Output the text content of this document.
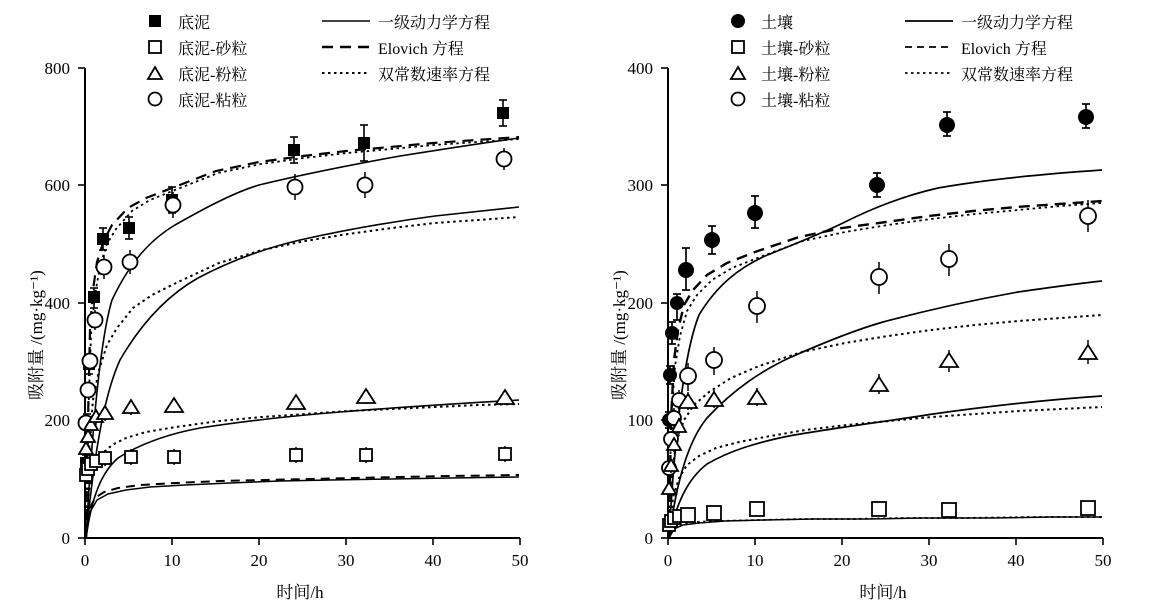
800
600
400
200
0
0	10	20	30	40	50
吸附量 /(mg·kg⁻¹)
时间/h
底泥
底泥-砂粒
底泥-粉粒
底泥-粘粒
一级动力学方程
Elovich 方程
双常数速率方程	400
300
200
100
0
0	10	20	30	40	50
吸附量 /(mg·kg⁻¹)
时间/h
土壤
土壤-砂粒
土壤-粉粒
土壤-粘粒
一级动力学方程
Elovich 方程
双常数速率方程
